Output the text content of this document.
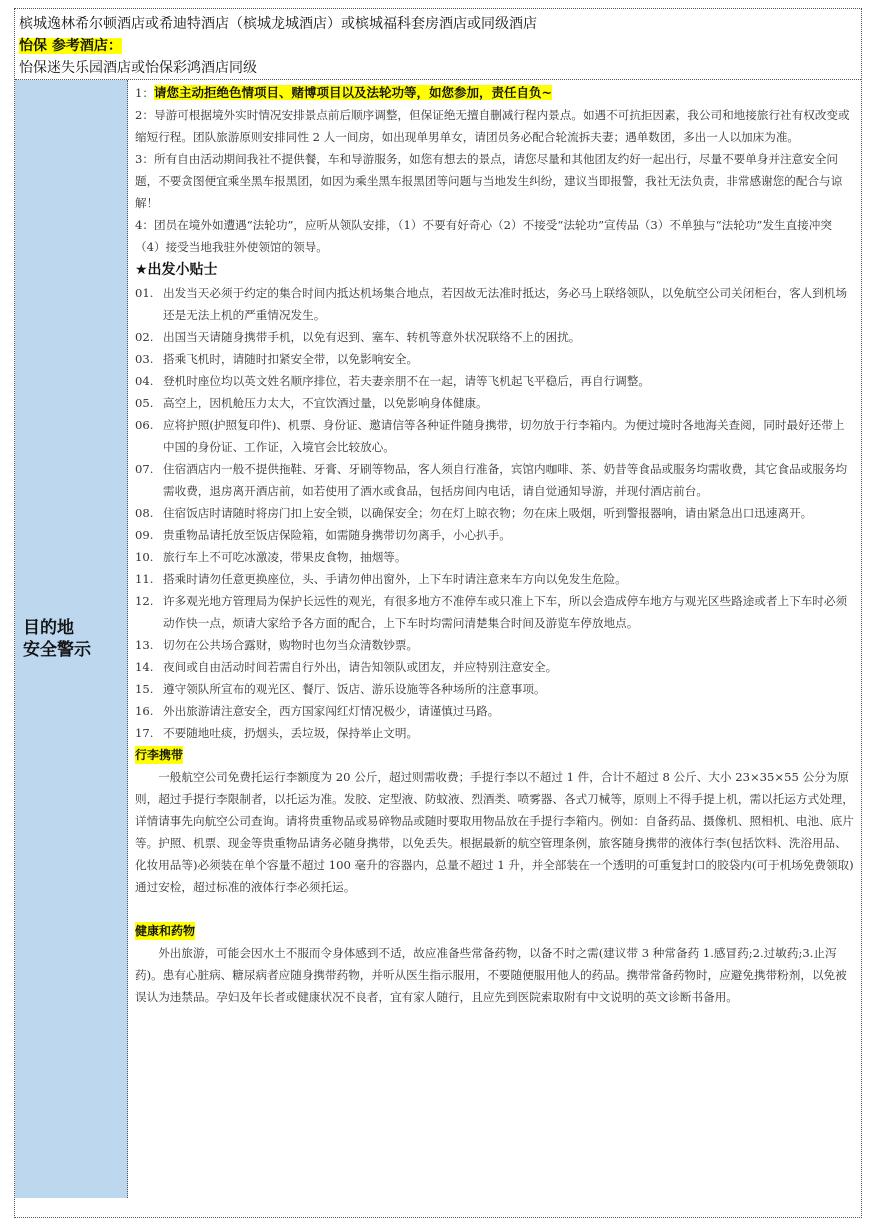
槟城逸林希尔顿酒店或希迪特酒店（槟城龙城酒店）或槟城福科套房酒店或同级酒店
怡保 参考酒店：
怡保迷失乐园酒店或怡保彩鸿酒店同级
目的地
安全警示

1：请您主动拒绝色情项目、赌博项目以及法轮功等，如您参加，责任自负~

2：导游可根据境外实时情况安排景点前后顺序调整，但保证绝无擅自删减行程内景点。如遇不可抗拒因素，我公司和地接旅行社有权改变或缩短行程。团队旅游原则安排同性 2 人一间房，如出现单男单女，请团员务必配合轮流拆夫妻；遇单数团，多出一人以加床为准。

3：所有自由活动期间我社不提供餐，车和导游服务，如您有想去的景点，请您尽量和其他团友约好一起出行，尽量不要单身并注意安全问题，不要贪图便宜乘坐黑车报黑团，如因为乘坐黑车报黑团等问题与当地发生纠纷，建议当即报警，我社无法负责，非常感谢您的配合与谅解！

4：团员在境外如遭遇“法轮功”，应听从领队安排，（1）不要有好奇心（2）不接受“法轮功”宣传品（3）不单独与“法轮功”发生直接冲突（4）接受当地我驻外使领馆的领导。

★出发小贴士
01. 出发当天必须于约定的集合时间内抵达机场集合地点，若因故无法准时抵达，务必马上联络领队，以免航空公司关闭柜台，客人到机场还是无法上机的严重情况发生。
02. 出国当天请随身携带手机，以免有迟到、塞车、转机等意外状况联络不上的困扰。
03. 搭乘飞机时，请随时扣紧安全带，以免影响安全。
04. 登机时座位均以英文姓名顺序排位，若夫妻亲朋不在一起，请等飞机起飞平稳后，再自行调整。
05. 高空上，因机舱压力太大，不宜饮酒过量，以免影响身体健康。
06. 应将护照(护照复印件)、机票、身份证、邀请信等各种证件随身携带，切勿放于行李箱内。为便过境时各地海关查阅，同时最好还带上中国的身份证、工作证，入境官会比较放心。
07. 住宿酒店内一般不提供拖鞋、牙膏、牙刷等物品，客人须自行准备，宾馆内咖啡、茶、奶昔等食品或服务均需收费，其它食品或服务均需收费，退房离开酒店前，如若使用了酒水或食品，包括房间内电话，请自觉通知导游，并现付酒店前台。
08. 住宿饭店时请随时将房门扣上安全锁，以确保安全；勿在灯上晾衣物；勿在床上吸烟，听到警报器响，请由紧急出口迅速离开。
09. 贵重物品请托放至饭店保险箱，如需随身携带切勿离手，小心扒手。
10. 旅行车上不可吃冰激凌，带果皮食物，抽烟等。
11. 搭乘时请勿任意更换座位，头、手请勿伸出窗外，上下车时请注意来车方向以免发生危险。
12. 许多观光地方管理局为保护长远性的观光，有很多地方不准停车或只准上下车，所以会造成停车地方与观光区些路途或者上下车时必须动作快一点，烦请大家给予各方面的配合，上下车时均需问清楚集合时间及游览车停放地点。
13. 切勿在公共场合露财，购物时也勿当众清数钞票。
14. 夜间或自由活动时间若需自行外出，请告知领队或团友，并应特别注意安全。
15. 遵守领队所宣布的观光区、餐厅、饭店、游乐设施等各种场所的注意事项。
16. 外出旅游请注意安全，西方国家闯红灯情况极少，请谨慎过马路。
17. 不要随地吐痰，扔烟头，丢垃圾，保持举止文明。
行李携带

一般航空公司免费托运行李额度为 20 公斤，超过则需收费；手提行李以不超过 1 件，合计不超过 8 公斤、大小 23×35×55 公分为原则，超过手提行李限制者，以托运为准。发胶、定型液、防蚊液、烈酒类、喷雾器、各式刀械等，原则上不得手提上机，需以托运方式处理，详情请事先向航空公司查询。请将贵重物品或易碎物品或随时要取用物品放在手提行李箱内。例如：自备药品、摄像机、照相机、电池、底片等。护照、机票、现金等贵重物品请务必随身携带，以免丢失。根据最新的航空管理条例，旅客随身携带的液体行李(包括饮料、洗浴用品、化妆用品等)必须装在单个容量不超过 100 毫升的容器内，总量不超过 1 升，并全部装在一个透明的可重复封口的胶袋内(可于机场免费领取)通过安检，超过标准的液体行李必须托运。

健康和药物

外出旅游，可能会因水土不服而令身体感到不适，故应准备些常备药物，以备不时之需(建议带 3 种常备药 1.感冒药;2.过敏药;3.止泻药)。患有心脏病、糖尿病者应随身携带药物，并听从医生指示服用，不要随便服用他人的药品。携带常备药物时，应避免携带粉剂，以免被误认为违禁品。孕妇及年长者或健康状况不良者，宜有家人随行，且应先到医院索取附有中文说明的英文诊断书备用。
